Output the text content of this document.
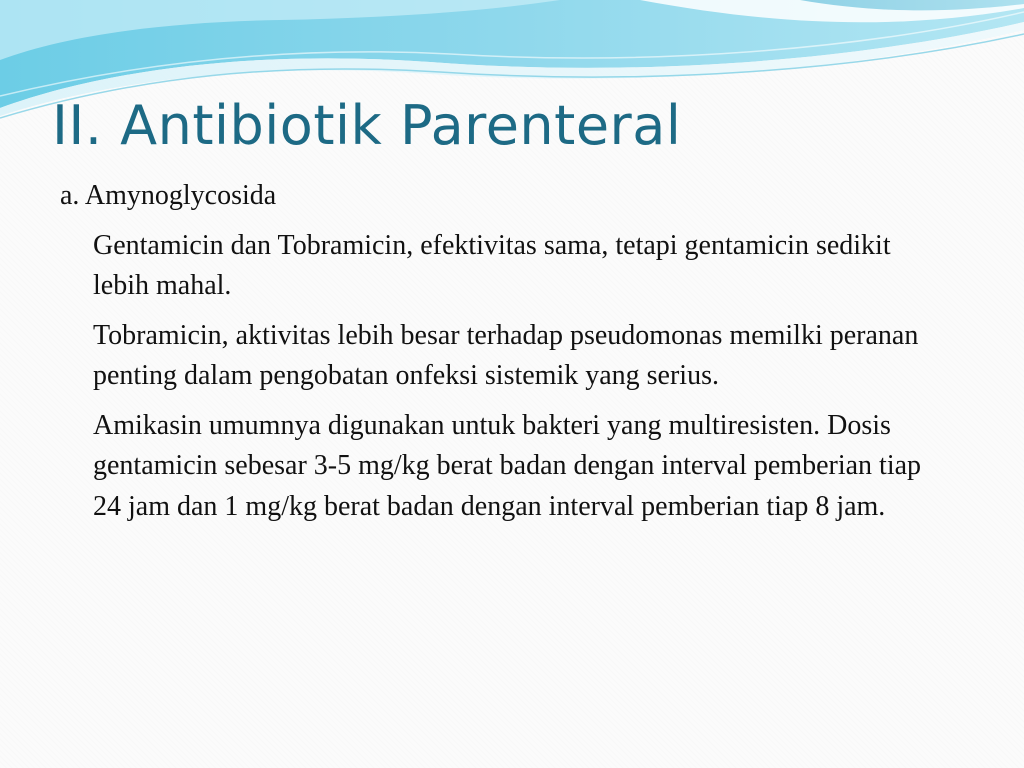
II. Antibiotik Parenteral

a. Amynoglycosida

Gentamicin dan Tobramicin, efektivitas sama, tetapi gentamicin sedikit lebih mahal.

Tobramicin, aktivitas lebih besar terhadap pseudomonas memilki peranan penting dalam pengobatan onfeksi sistemik yang serius.

Amikasin umumnya digunakan untuk bakteri yang multiresisten. Dosis gentamicin sebesar 3-5 mg/kg berat badan dengan interval pemberian tiap 24 jam dan 1 mg/kg berat badan dengan interval pemberian tiap 8 jam.
